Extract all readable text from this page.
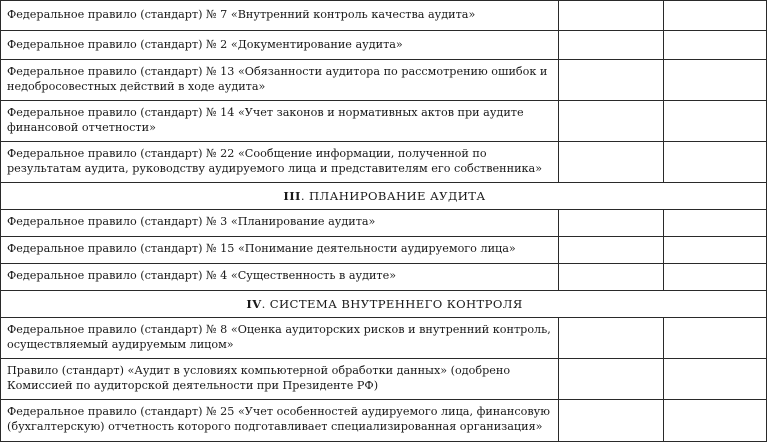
Федеральное правило (стандарт) № 7 «Внутренний контроль качества аудита»		

Федеральное правило (стандарт) № 2 «Документирование аудита»		

Федеральное правило (стандарт) № 13 «Обязанности аудитора по рассмотрению ошибок и недобросовестных действий в ходе аудита»		

Федеральное правило (стандарт) № 14 «Учет законов и нормативных актов при аудите финансовой отчетности»		

Федеральное правило (стандарт) № 22 «Сообщение информации, полученной по результатам аудита, руководству аудируемого лица и представителям его собственника»		

III. ПЛАНИРОВАНИЕ АУДИТА		

Федеральное правило (стандарт) № 3 «Планирование аудита»		

Федеральное правило (стандарт) № 15 «Понимание деятельности аудируемого лица»		

Федеральное правило (стандарт) № 4 «Существенность в аудите»		

IV. СИСТЕМА ВНУТРЕННЕГО КОНТРОЛЯ		

Федеральное правило (стандарт) № 8 «Оценка аудиторских рисков и внутренний контроль, осуществляемый аудируемым лицом»		

Правило (стандарт) «Аудит в условиях компьютерной обработки данных» (одобрено Комиссией по аудиторской деятельности при Президенте РФ)		

Федеральное правило (стандарт) № 25 «Учет особенностей аудируемого лица, финансовую (бухгалтерскую) отчетность которого подготавливает специализированная организация»		
